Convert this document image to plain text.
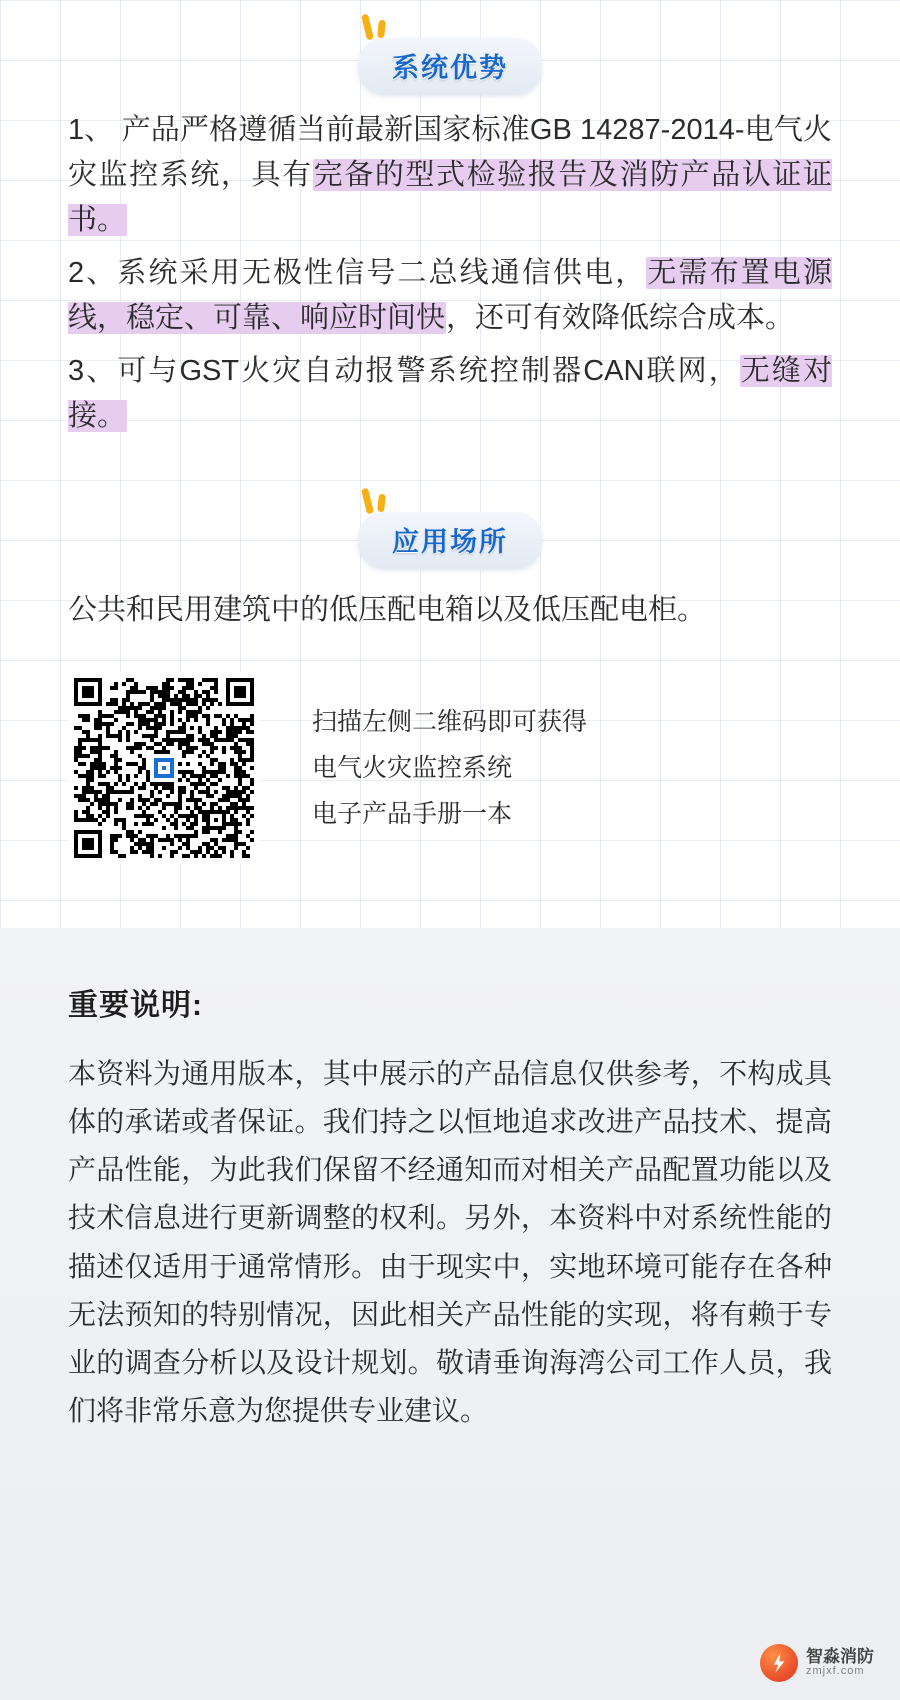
系统优势

1、 产品严格遵循当前最新国家标准GB 14287-2014-电气火灾监控系统，具有完备的型式检验报告及消防产品认证证书。

2、系统采用无极性信号二总线通信供电，无需布置电源线，稳定、可靠、响应时间快，还可有效降低综合成本。

3、可与GST火灾自动报警系统控制器CAN联网，无缝对接。

应用场所

公共和民用建筑中的低压配电箱以及低压配电柜。

扫描左侧二维码即可获得
电气火灾监控系统
电子产品手册一本
重要说明:

本资料为通用版本，其中展示的产品信息仅供参考，不构成具体的承诺或者保证。我们持之以恒地追求改进产品技术、提高产品性能，为此我们保留不经通知而对相关产品配置功能以及技术信息进行更新调整的权利。另外，本资料中对系统性能的描述仅适用于通常情形。由于现实中，实地环境可能存在各种无法预知的特别情况，因此相关产品性能的实现，将有赖于专业的调查分析以及设计规划。敬请垂询海湾公司工作人员，我们将非常乐意为您提供专业建议。

智淼消防
zmjxf.com
